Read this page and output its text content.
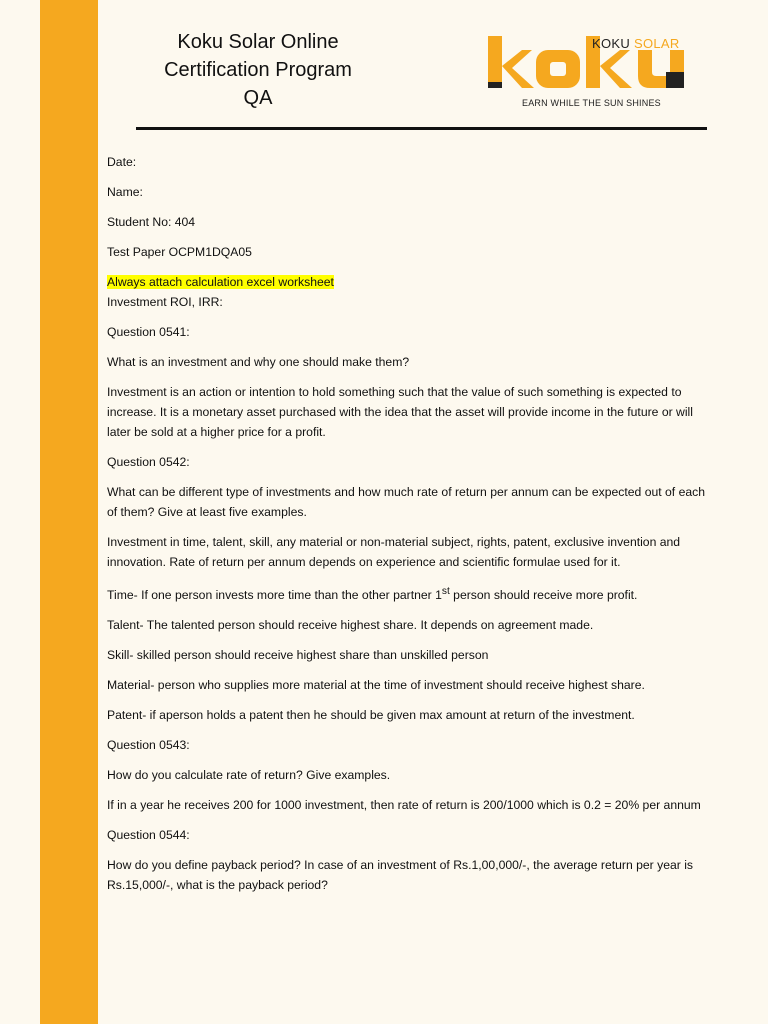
Koku Solar Online
Certification Program
QA
KOKU SOLAR
EARN WHILE THE SUN SHINES

Date:

Name:

Student No: 404

Test Paper OCPM1DQA05

Always attach calculation excel worksheet

Investment ROI, IRR:

Question 0541:

What is an investment and why one should make them?

Investment is an action or intention to hold something such that the value of such something is expected to increase. It is a monetary asset purchased with the idea that the asset will provide income in the future or will later be sold at a higher price for a profit.

Question 0542:

What can be different type of investments and how much rate of return per annum can be expected out of each of them? Give at least five examples.

Investment in time, talent, skill, any material or non-material subject, rights, patent, exclusive invention and innovation. Rate of return per annum depends on experience and scientific formulae used for it.

Time- If one person invests more time than the other partner 1st person should receive more profit.

Talent- The talented person should receive highest share. It depends on agreement made.

Skill- skilled person should receive highest share than unskilled person

Material- person who supplies more material at the time of investment should receive highest share.

Patent- if aperson holds a patent then he should be given max amount at return of the investment.

Question 0543:

How do you calculate rate of return? Give examples.

If in a year he receives 200 for 1000 investment, then rate of return is 200/1000 which is 0.2 = 20% per annum

Question 0544:

How do you define payback period? In case of an investment of Rs.1,00,000/-, the average return per year is Rs.15,000/-, what is the payback period?
